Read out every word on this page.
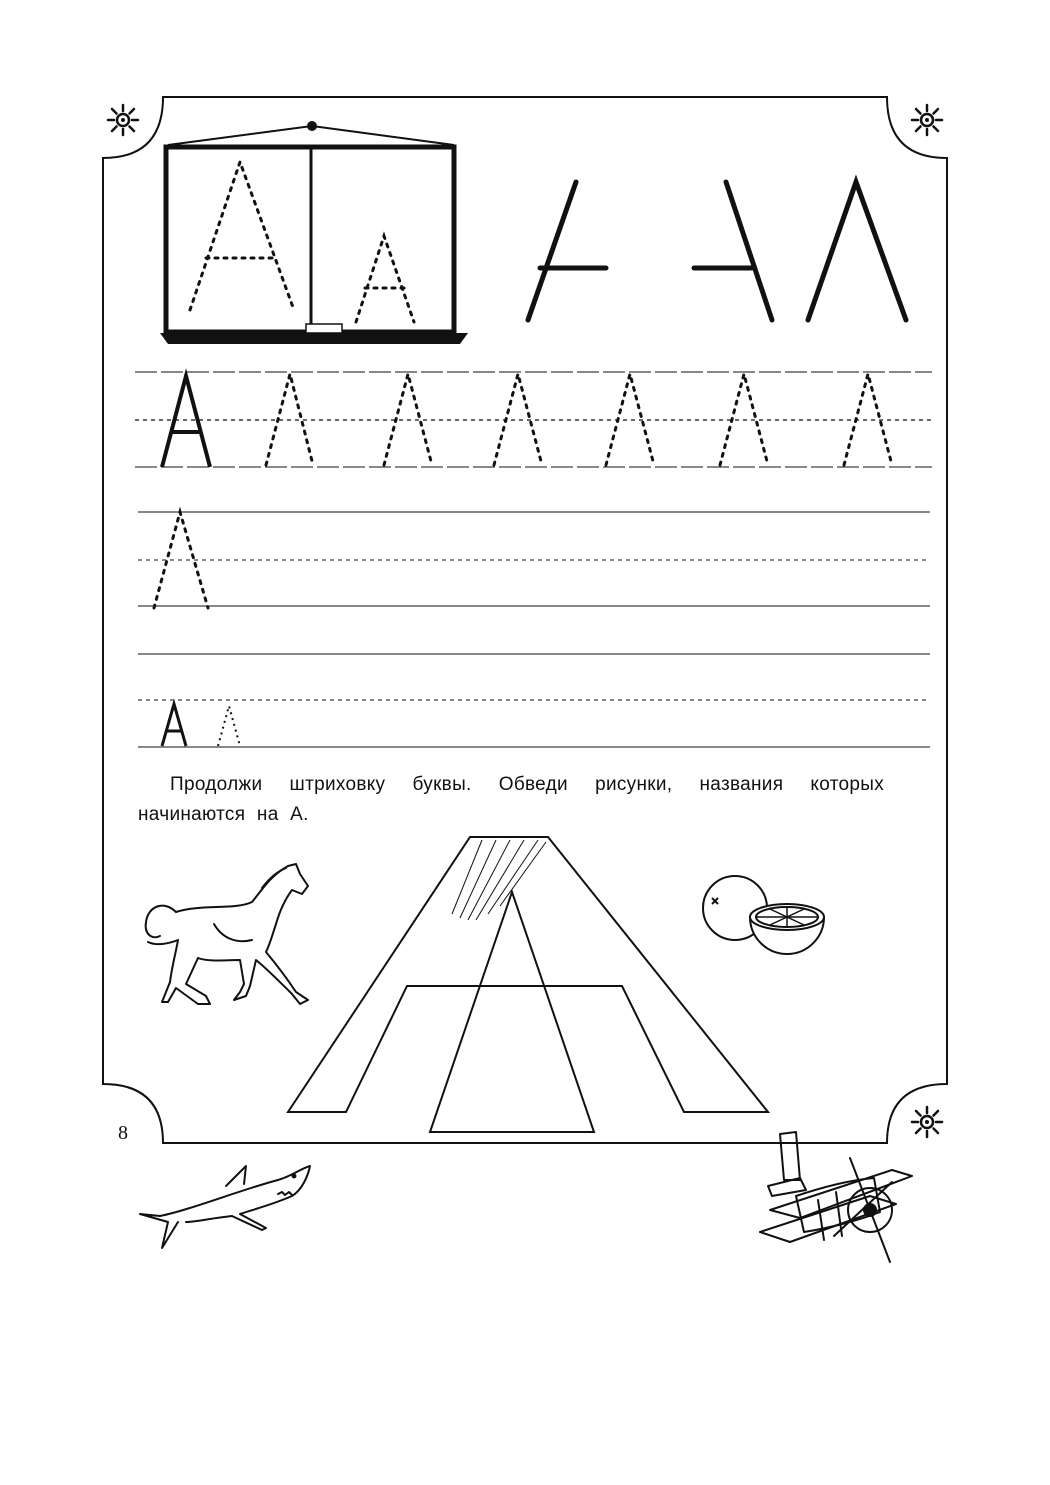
Продолжи штриховку буквы. Обведи рисунки, названия которых начинаются на А.

8
